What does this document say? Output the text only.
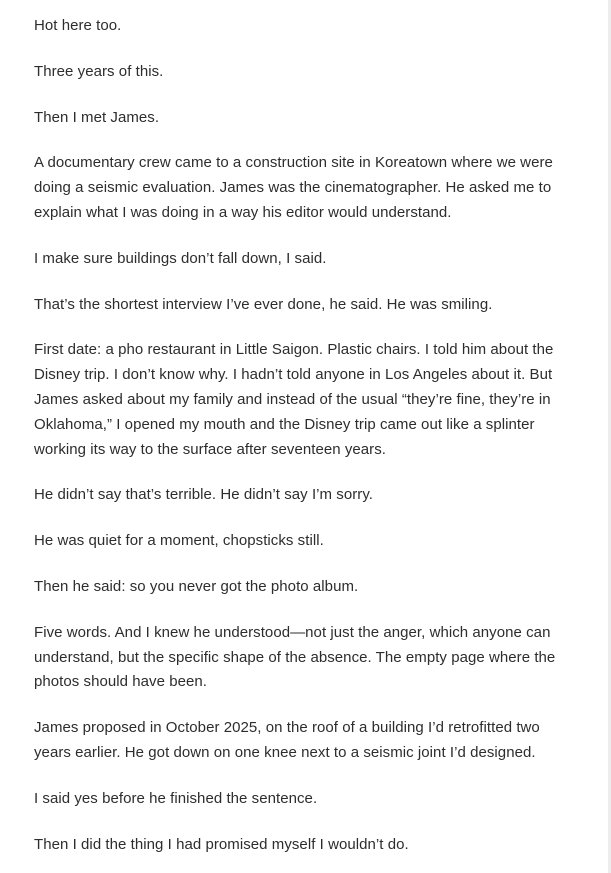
Hot here too.

Three years of this.

Then I met James.

A documentary crew came to a construction site in Koreatown where we were doing a seismic evaluation. James was the cinematographer. He asked me to explain what I was doing in a way his editor would understand.

I make sure buildings don’t fall down, I said.

That’s the shortest interview I’ve ever done, he said. He was smiling.

First date: a pho restaurant in Little Saigon. Plastic chairs. I told him about the Disney trip. I don’t know why. I hadn’t told anyone in Los Angeles about it. But James asked about my family and instead of the usual “they’re fine, they’re in Oklahoma,” I opened my mouth and the Disney trip came out like a splinter working its way to the surface after seventeen years.

He didn’t say that’s terrible. He didn’t say I’m sorry.

He was quiet for a moment, chopsticks still.

Then he said: so you never got the photo album.

Five words. And I knew he understood—not just the anger, which anyone can understand, but the specific shape of the absence. The empty page where the photos should have been.

James proposed in October 2025, on the roof of a building I’d retrofitted two years earlier. He got down on one knee next to a seismic joint I’d designed.

I said yes before he finished the sentence.

Then I did the thing I had promised myself I wouldn’t do.
